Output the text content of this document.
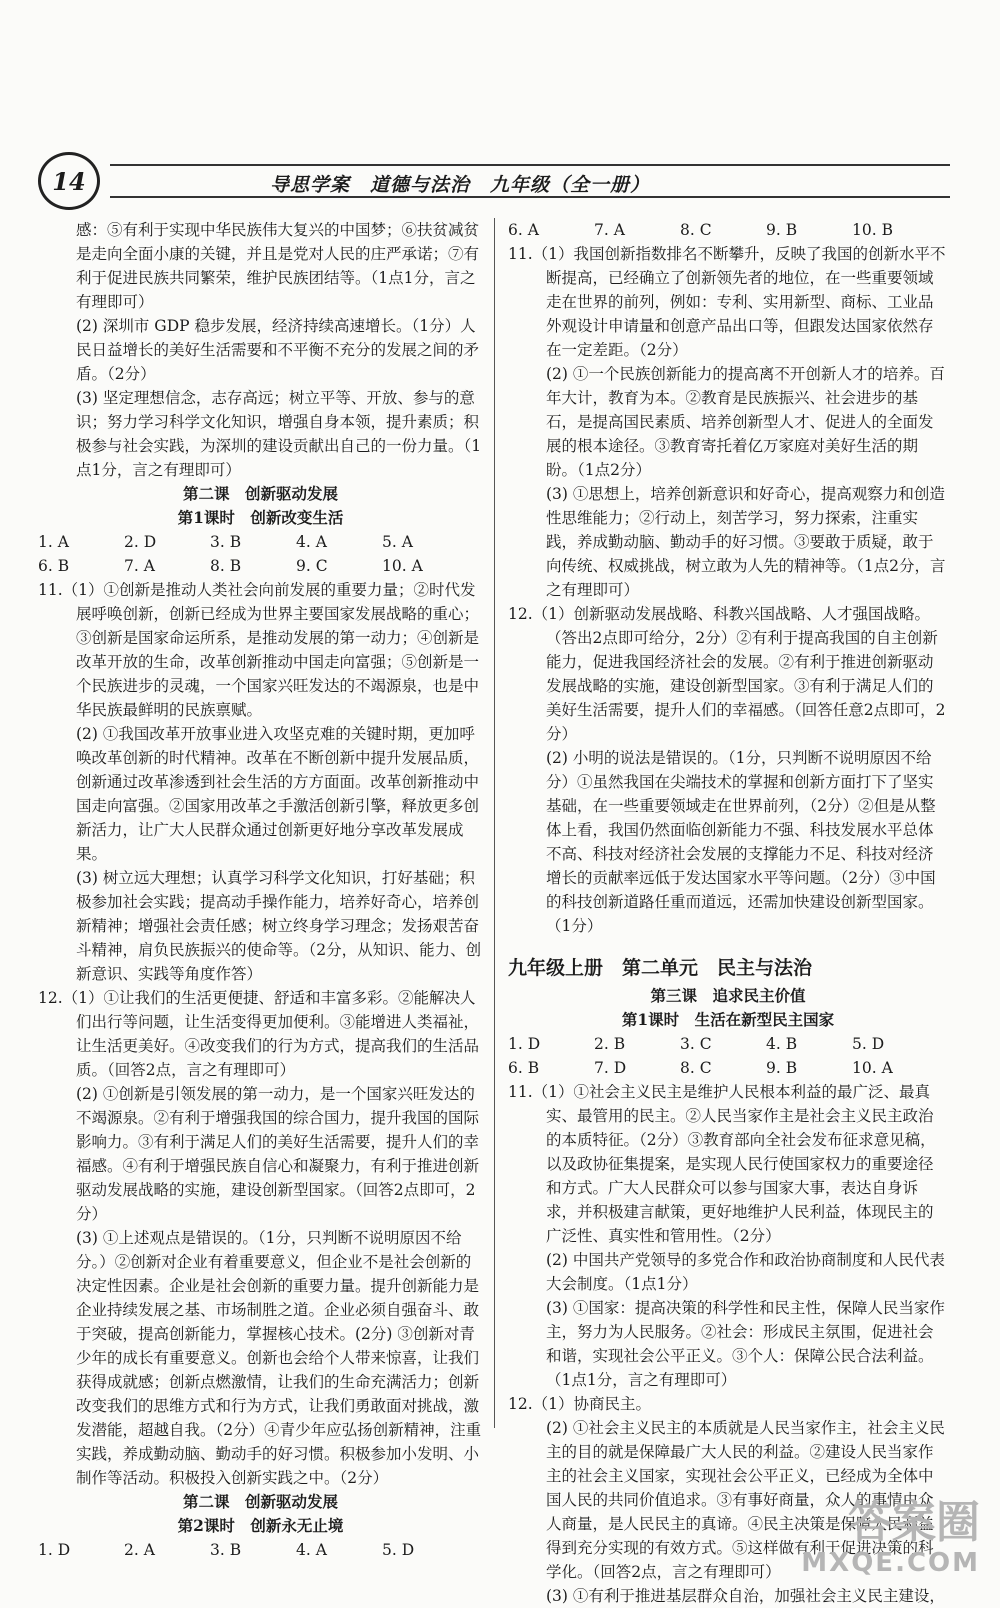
14	导思学案　道德与法治　九年级（全一册）

感：⑤有利于实现中华民族伟大复兴的中国梦；⑥扶贫减贫是走向全面小康的关键，并且是党对人民的庄严承诺；⑦有利于促进民族共同繁荣，维护民族团结等。（1点1分，言之有理即可）

(2) 深圳市 GDP 稳步发展，经济持续高速增长。（1分）人民日益增长的美好生活需要和不平衡不充分的发展之间的矛盾。（2分）

(3) 坚定理想信念，志存高远；树立平等、开放、参与的意识；努力学习科学文化知识，增强自身本领，提升素质；积极参与社会实践，为深圳的建设贡献出自己的一份力量。（1点1分，言之有理即可）

第二课　创新驱动发展

第1课时　创新改变生活

1. A	2. D	3. B	4. A	5. A
6. B	7. A	8. B	9. C	10. A

11.（1）①创新是推动人类社会向前发展的重要力量；②时代发展呼唤创新，创新已经成为世界主要国家发展战略的重心；③创新是国家命运所系，是推动发展的第一动力；④创新是改革开放的生命，改革创新推动中国走向富强；⑤创新是一个民族进步的灵魂，一个国家兴旺发达的不竭源泉，也是中华民族最鲜明的民族禀赋。

(2) ①我国改革开放事业进入攻坚克难的关键时期，更加呼唤改革创新的时代精神。改革在不断创新中提升发展品质，创新通过改革渗透到社会生活的方方面面。改革创新推动中国走向富强。②国家用改革之手激活创新引擎，释放更多创新活力，让广大人民群众通过创新更好地分享改革发展成果。

(3) 树立远大理想；认真学习科学文化知识，打好基础；积极参加社会实践；提高动手操作能力，培养好奇心，培养创新精神；增强社会责任感；树立终身学习理念；发扬艰苦奋斗精神，肩负民族振兴的使命等。（2分，从知识、能力、创新意识、实践等角度作答）

12.（1）①让我们的生活更便捷、舒适和丰富多彩。②能解决人们出行等问题，让生活变得更加便利。③能增进人类福祉，让生活更美好。④改变我们的行为方式，提高我们的生活品质。（回答2点，言之有理即可）

(2) ①创新是引领发展的第一动力，是一个国家兴旺发达的不竭源泉。②有利于增强我国的综合国力，提升我国的国际影响力。③有利于满足人们的美好生活需要，提升人们的幸福感。④有利于增强民族自信心和凝聚力，有利于推进创新驱动发展战略的实施，建设创新型国家。（回答2点即可，2分）

(3) ①上述观点是错误的。（1分，只判断不说明原因不给分。）②创新对企业有着重要意义，但企业不是社会创新的决定性因素。企业是社会创新的重要力量。提升创新能力是企业持续发展之基、市场制胜之道。企业必须自强奋斗、敢于突破，提高创新能力，掌握核心技术。(2分) ③创新对青少年的成长有重要意义。创新也会给个人带来惊喜，让我们获得成就感；创新点燃激情，让我们的生命充满活力；创新改变我们的思维方式和行为方式，让我们勇敢面对挑战，激发潜能，超越自我。（2分）④青少年应弘扬创新精神，注重实践，养成勤动脑、勤动手的好习惯。积极参加小发明、小制作等活动。积极投入创新实践之中。（2分）

第二课　创新驱动发展

第2课时　创新永无止境

1. D	2. A	3. B	4. A	5. D
6. A	7. A	8. C	9. B	10. B

11.（1）我国创新指数排名不断攀升，反映了我国的创新水平不断提高，已经确立了创新领先者的地位，在一些重要领域走在世界的前列，例如：专利、实用新型、商标、工业品外观设计申请量和创意产品出口等，但跟发达国家依然存在一定差距。（2分）

(2) ①一个民族创新能力的提高离不开创新人才的培养。百年大计，教育为本。②教育是民族振兴、社会进步的基石，是提高国民素质、培养创新型人才、促进人的全面发展的根本途径。③教育寄托着亿万家庭对美好生活的期盼。（1点2分）

(3) ①思想上，培养创新意识和好奇心，提高观察力和创造性思维能力；②行动上，刻苦学习，努力探索，注重实践，养成勤动脑、勤动手的好习惯。③要敢于质疑，敢于向传统、权威挑战，树立敢为人先的精神等。（1点2分，言之有理即可）

12.（1）创新驱动发展战略、科教兴国战略、人才强国战略。（答出2点即可给分，2分）②有利于提高我国的自主创新能力，促进我国经济社会的发展。②有利于推进创新驱动发展战略的实施，建设创新型国家。③有利于满足人们的美好生活需要，提升人们的幸福感。（回答任意2点即可，2分）

(2) 小明的说法是错误的。（1分，只判断不说明原因不给分）①虽然我国在尖端技术的掌握和创新方面打下了坚实基础，在一些重要领域走在世界前列，（2分）②但是从整体上看，我国仍然面临创新能力不强、科技发展水平总体不高、科技对经济社会发展的支撑能力不足、科技对经济增长的贡献率远低于发达国家水平等问题。（2分）③中国的科技创新道路任重而道远，还需加快建设创新型国家。（1分）

九年级上册　第二单元　民主与法治

第三课　追求民主价值

第1课时　生活在新型民主国家

1. D	2. B	3. C	4. B	5. D
6. B	7. D	8. C	9. B	10. A

11.（1）①社会主义民主是维护人民根本利益的最广泛、最真实、最管用的民主。②人民当家作主是社会主义民主政治的本质特征。（2分）③教育部向全社会发布征求意见稿，以及政协征集提案，是实现人民行使国家权力的重要途径和方式。广大人民群众可以参与国家大事，表达自身诉求，并积极建言献策，更好地维护人民利益，体现民主的广泛性、真实性和管用性。（2分）

(2) 中国共产党领导的多党合作和政治协商制度和人民代表大会制度。（1点1分）

(3) ①国家：提高决策的科学性和民主性，保障人民当家作主，努力为人民服务。②社会：形成民主氛围，促进社会和谐，实现社会公平正义。③个人：保障公民合法利益。（1点1分，言之有理即可）

12.（1）协商民主。

(2) ①社会主义民主的本质就是人民当家作主，社会主义民主的目的就是保障最广大人民的利益。②建设人民当家作主的社会主义国家，实现社会公平正义，已经成为全体中国人民的共同价值追求。③有事好商量，众人的事情由众人商量，是人民民主的真谛。④民主决策是保障人民利益得到充分实现的有效方式。⑤这样做有利于促进决策的科学化。（回答2点，言之有理即可）

(3) ①有利于推进基层群众自治，加强社会主义民主建设，

答案圈
MXQE.COM
